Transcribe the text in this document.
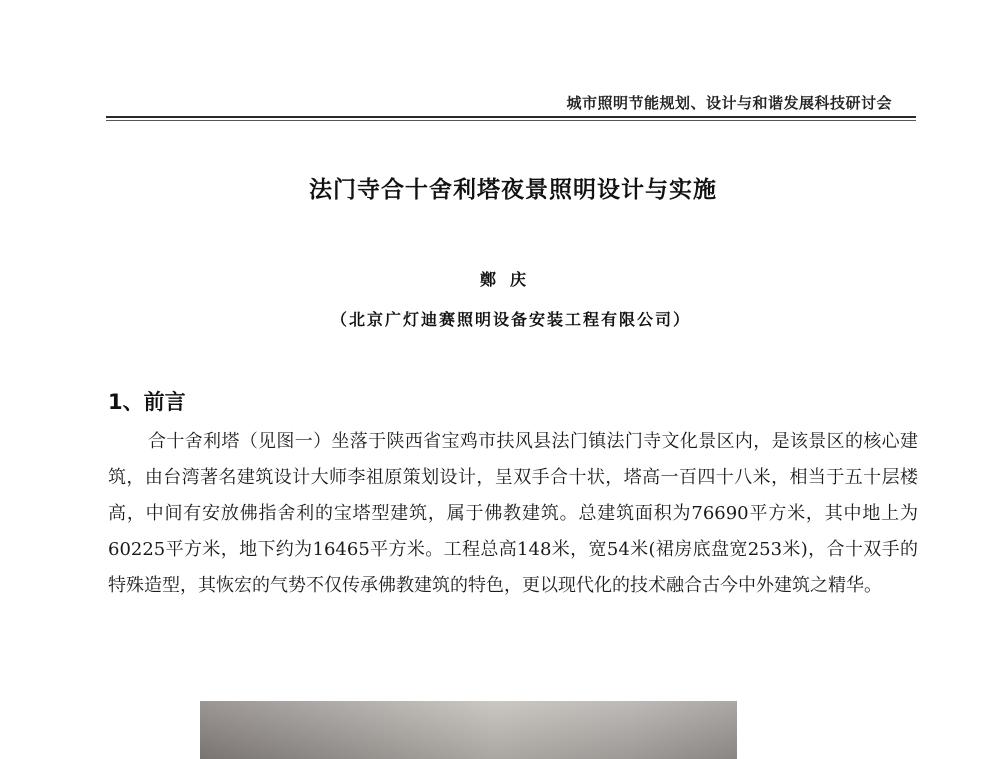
城市照明节能规划、设计与和谐发展科技研讨会
法门寺合十舍利塔夜景照明设计与实施
鄭庆
（北京广灯迪赛照明设备安装工程有限公司）
1、前言

合十舍利塔（见图一）坐落于陕西省宝鸡市扶风县法门镇法门寺文化景区内，是该景区的核心建筑，由台湾著名建筑设计大师李祖原策划设计，呈双手合十状，塔高一百四十八米，相当于五十层楼高，中间有安放佛指舍利的宝塔型建筑，属于佛教建筑。总建筑面积为76690平方米，其中地上为60225平方米，地下约为16465平方米。工程总高148米，宽54米(裙房底盘宽253米)，合十双手的特殊造型，其恢宏的气势不仅传承佛教建筑的特色，更以现代化的技术融合古今中外建筑之精华。
